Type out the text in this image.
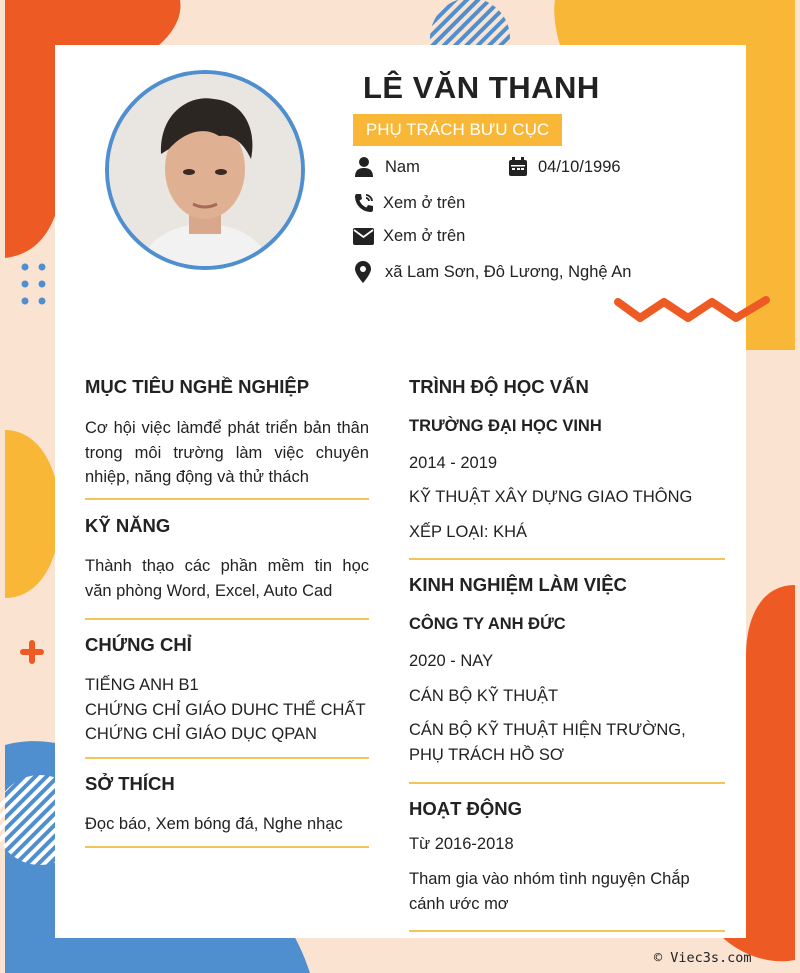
LÊ VĂN THANH
PHỤ TRÁCH BƯU CỤC
Nam	04/10/1996
Xem ở trên
Xem ở trên
xã Lam Sơn, Đô Lương, Nghệ An
MỤC TIÊU NGHỀ NGHIỆP
Cơ hội việc làmđể phát triển bản thân
trong môi trường làm việc chuyên
nhiệp, năng động và thử thách
KỸ NĂNG
Thành thạo các phần mềm tin học
văn phòng Word, Excel, Auto Cad
CHỨNG CHỈ
TIẾNG ANH B1
CHỨNG CHỈ GIÁO DUHC THỂ CHẤT
CHỨNG CHỈ GIÁO DỤC QPAN
SỞ THÍCH
Đọc báo, Xem bóng đá, Nghe nhạc
TRÌNH ĐỘ HỌC VẤN
TRƯỜNG ĐẠI HỌC VINH
2014 - 2019
KỸ THUẬT XÂY DỰNG GIAO THÔNG
XẾP LOẠI: KHÁ
KINH NGHIỆM LÀM VIỆC
CÔNG TY ANH ĐỨC
2020 - NAY
CÁN BỘ KỸ THUẬT
CÁN BỘ KỸ THUẬT HIỆN TRƯỜNG,
PHỤ TRÁCH HỒ SƠ
HOẠT ĐỘNG
Từ 2016-2018
Tham gia vào nhóm tình nguyện Chắp
cánh ước mơ
© Viec3s.com
